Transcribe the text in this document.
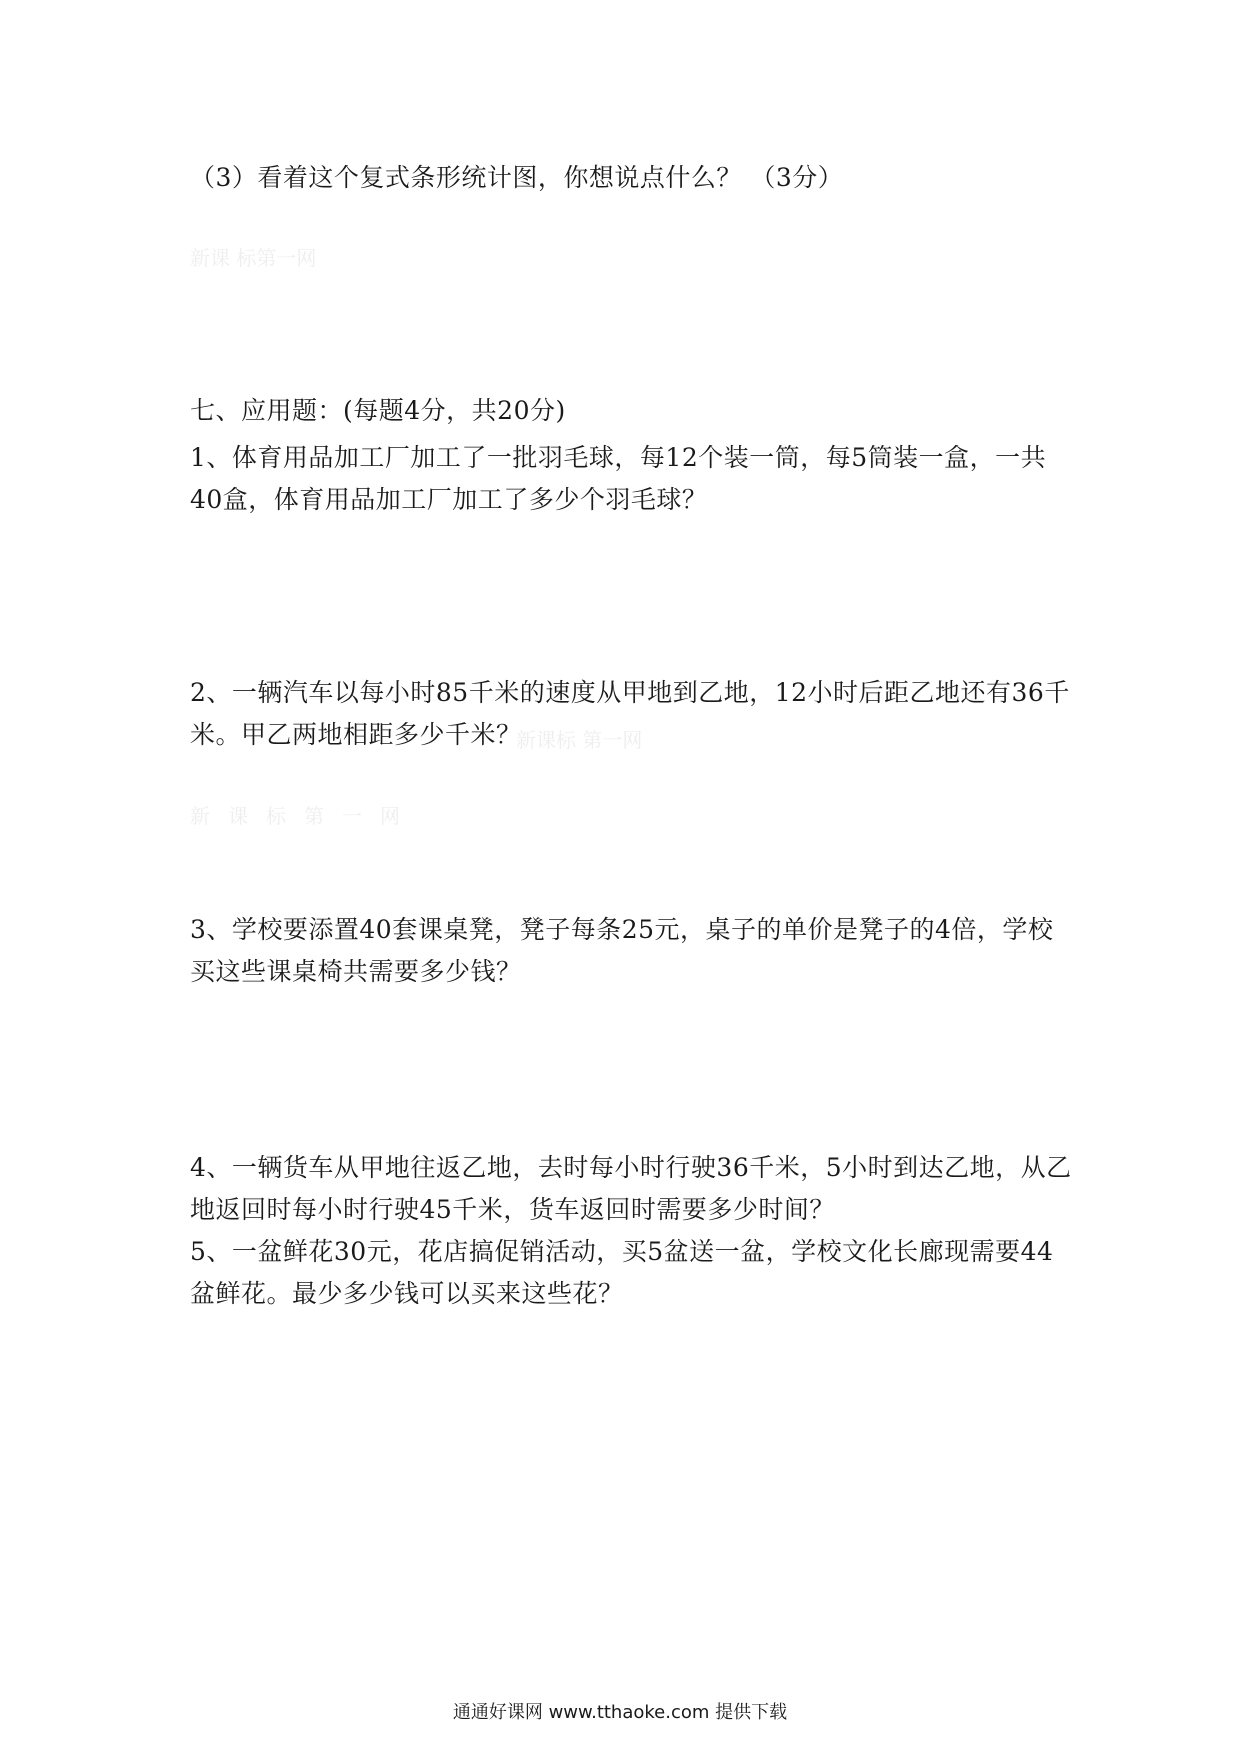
（3）看着这个复式条形统计图，你想说点什么？ （3分）
新课 标第一网
七、应用题：(每题4分，共20分)
1、体育用品加工厂加工了一批羽毛球，每12个装一筒，每5筒装一盒，一共
40盒，体育用品加工厂加工了多少个羽毛球？
2、一辆汽车以每小时85千米的速度从甲地到乙地，12小时后距乙地还有36千
米。甲乙两地相距多少千米？
新课标 第一网
新课标第一网
3、学校要添置40套课桌凳，凳子每条25元，桌子的单价是凳子的4倍，学校
买这些课桌椅共需要多少钱？
4、一辆货车从甲地往返乙地，去时每小时行驶36千米，5小时到达乙地，从乙
地返回时每小时行驶45千米，货车返回时需要多少时间？
5、一盆鲜花30元，花店搞促销活动，买5盆送一盆，学校文化长廊现需要44
盆鲜花。最少多少钱可以买来这些花？
通通好课网 www.tthaoke.com 提供下载
